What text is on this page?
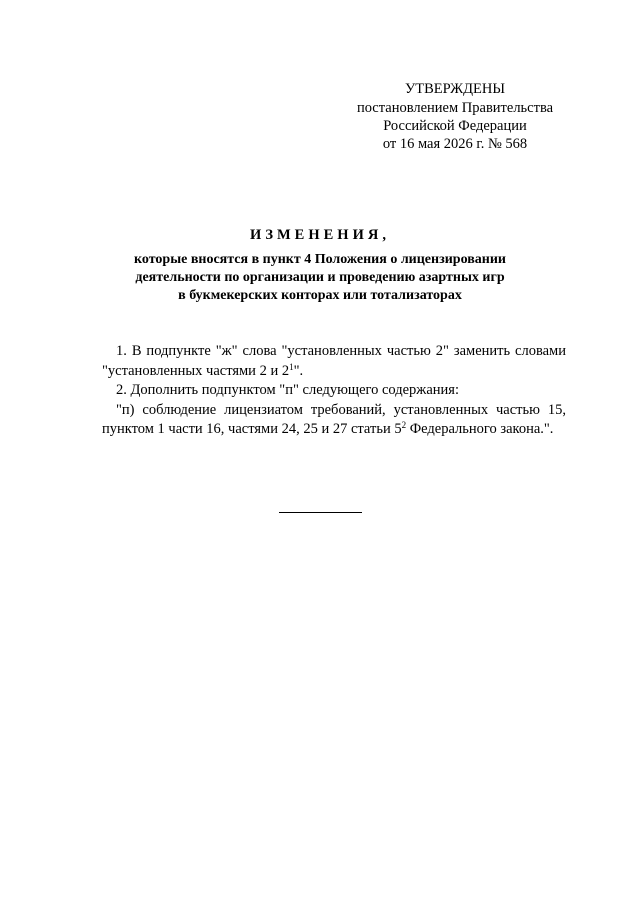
УТВЕРЖДЕНЫ
постановлением Правительства
Российской Федерации
от 16 мая 2026 г. № 568
ИЗМЕНЕНИЯ,
которые вносятся в пункт 4 Положения о лицензировании
деятельности по организации и проведению азартных игр
в букмекерских конторах или тотализаторах

1. В подпункте "ж" слова "установленных частью 2" заменить словами "установленных частями 2 и $2^1$".

2. Дополнить подпунктом "п" следующего содержания:

"п) соблюдение лицензиатом требований, установленных частью 15, пунктом 1 части 16, частями 24, 25 и 27 статьи $5^2$ Федерального закона.".
